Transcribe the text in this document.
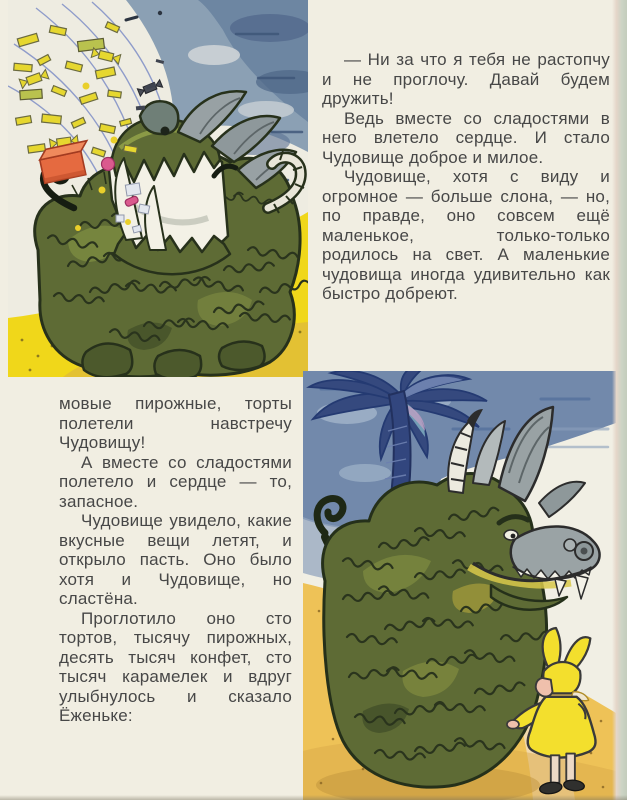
— Ни за что я тебя не растопчу и не проглочу. Давай будем дружить!

Ведь вместе со сладостями в него влетело сердце. И стало Чудовище доброе и милое.

Чудовище, хотя с виду и огромное — больше слона, — но, по правде, оно совсем ещё маленькое, только-только родилось на свет. А маленькие чудовища иногда удивительно как быстро добреют.

мовые пирожные, торты полетели навстречу Чудовищу!

А вместе со сладостями полетело и сердце — то, запасное.

Чудовище увидело, какие вкусные вещи летят, и открыло пасть. Оно было хотя и Чудовище, но сластёна.

Проглотило оно сто тортов, тысячу пирожных, десять тысяч конфет, сто тысяч карамелек и вдруг улыбнулось и сказало Ёженьке:
